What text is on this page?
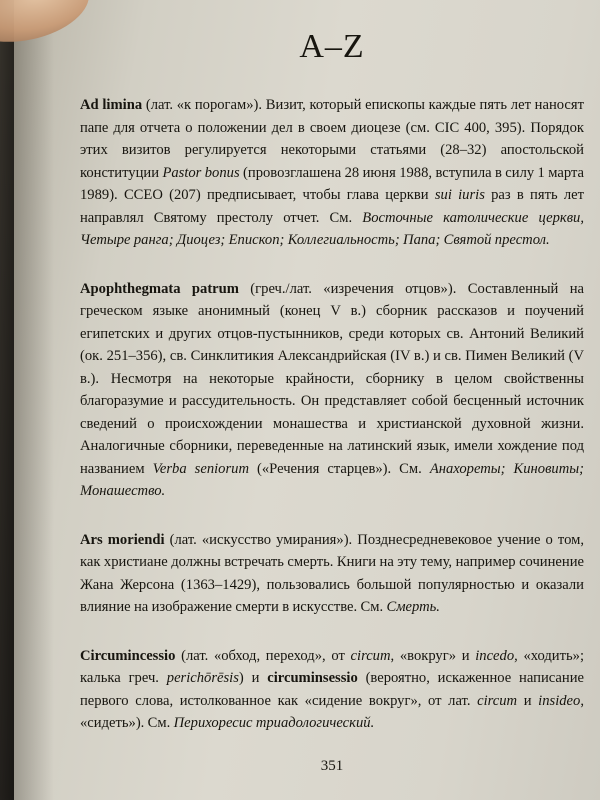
A–Z

Ad limina (лат. «к порогам»). Визит, который епископы каждые пять лет наносят папе для отчета о положении дел в своем диоцезе (см. CIC 400, 395). Порядок этих визитов регулируется некоторыми статьями (28–32) апостольской конституции Pastor bonus (провозглашена 28 июня 1988, вступила в силу 1 марта 1989). CCEO (207) предписывает, чтобы глава церкви sui iuris раз в пять лет направлял Святому престолу отчет. См. Восточные католические церкви, Четыре ранга; Диоцез; Епископ; Коллегиальность; Папа; Святой престол.

Apophthegmata patrum (греч./лат. «изречения отцов»). Составленный на греческом языке анонимный (конец V в.) сборник рассказов и поучений египетских и других отцов-пустынников, среди которых св. Антоний Великий (ок. 251–356), св. Синклитикия Александрийская (IV в.) и св. Пимен Великий (V в.). Несмотря на некоторые крайности, сборнику в целом свойственны благоразумие и рассудительность. Он представляет собой бесценный источник сведений о происхождении монашества и христианской духовной жизни. Аналогичные сборники, переведенные на латинский язык, имели хождение под названием Verba seniorum («Речения старцев»). См. Анахореты; Киновиты; Монашество.

Ars moriendi (лат. «искусство умирания»). Позднесредневековое учение о том, как христиане должны встречать смерть. Книги на эту тему, например сочинение Жана Жерсона (1363–1429), пользовались большой популярностью и оказали влияние на изображение смерти в искусстве. См. Смерть.

Circumincessio (лат. «обход, переход», от circum, «вокруг» и incedo, «ходить»; калька греч. perichōrēsis) и circuminsessio (вероятно, искаженное написание первого слова, истолкованное как «сидение вокруг», от лат. circum и insideo, «сидеть»). См. Перихоресис триадологический.

351
